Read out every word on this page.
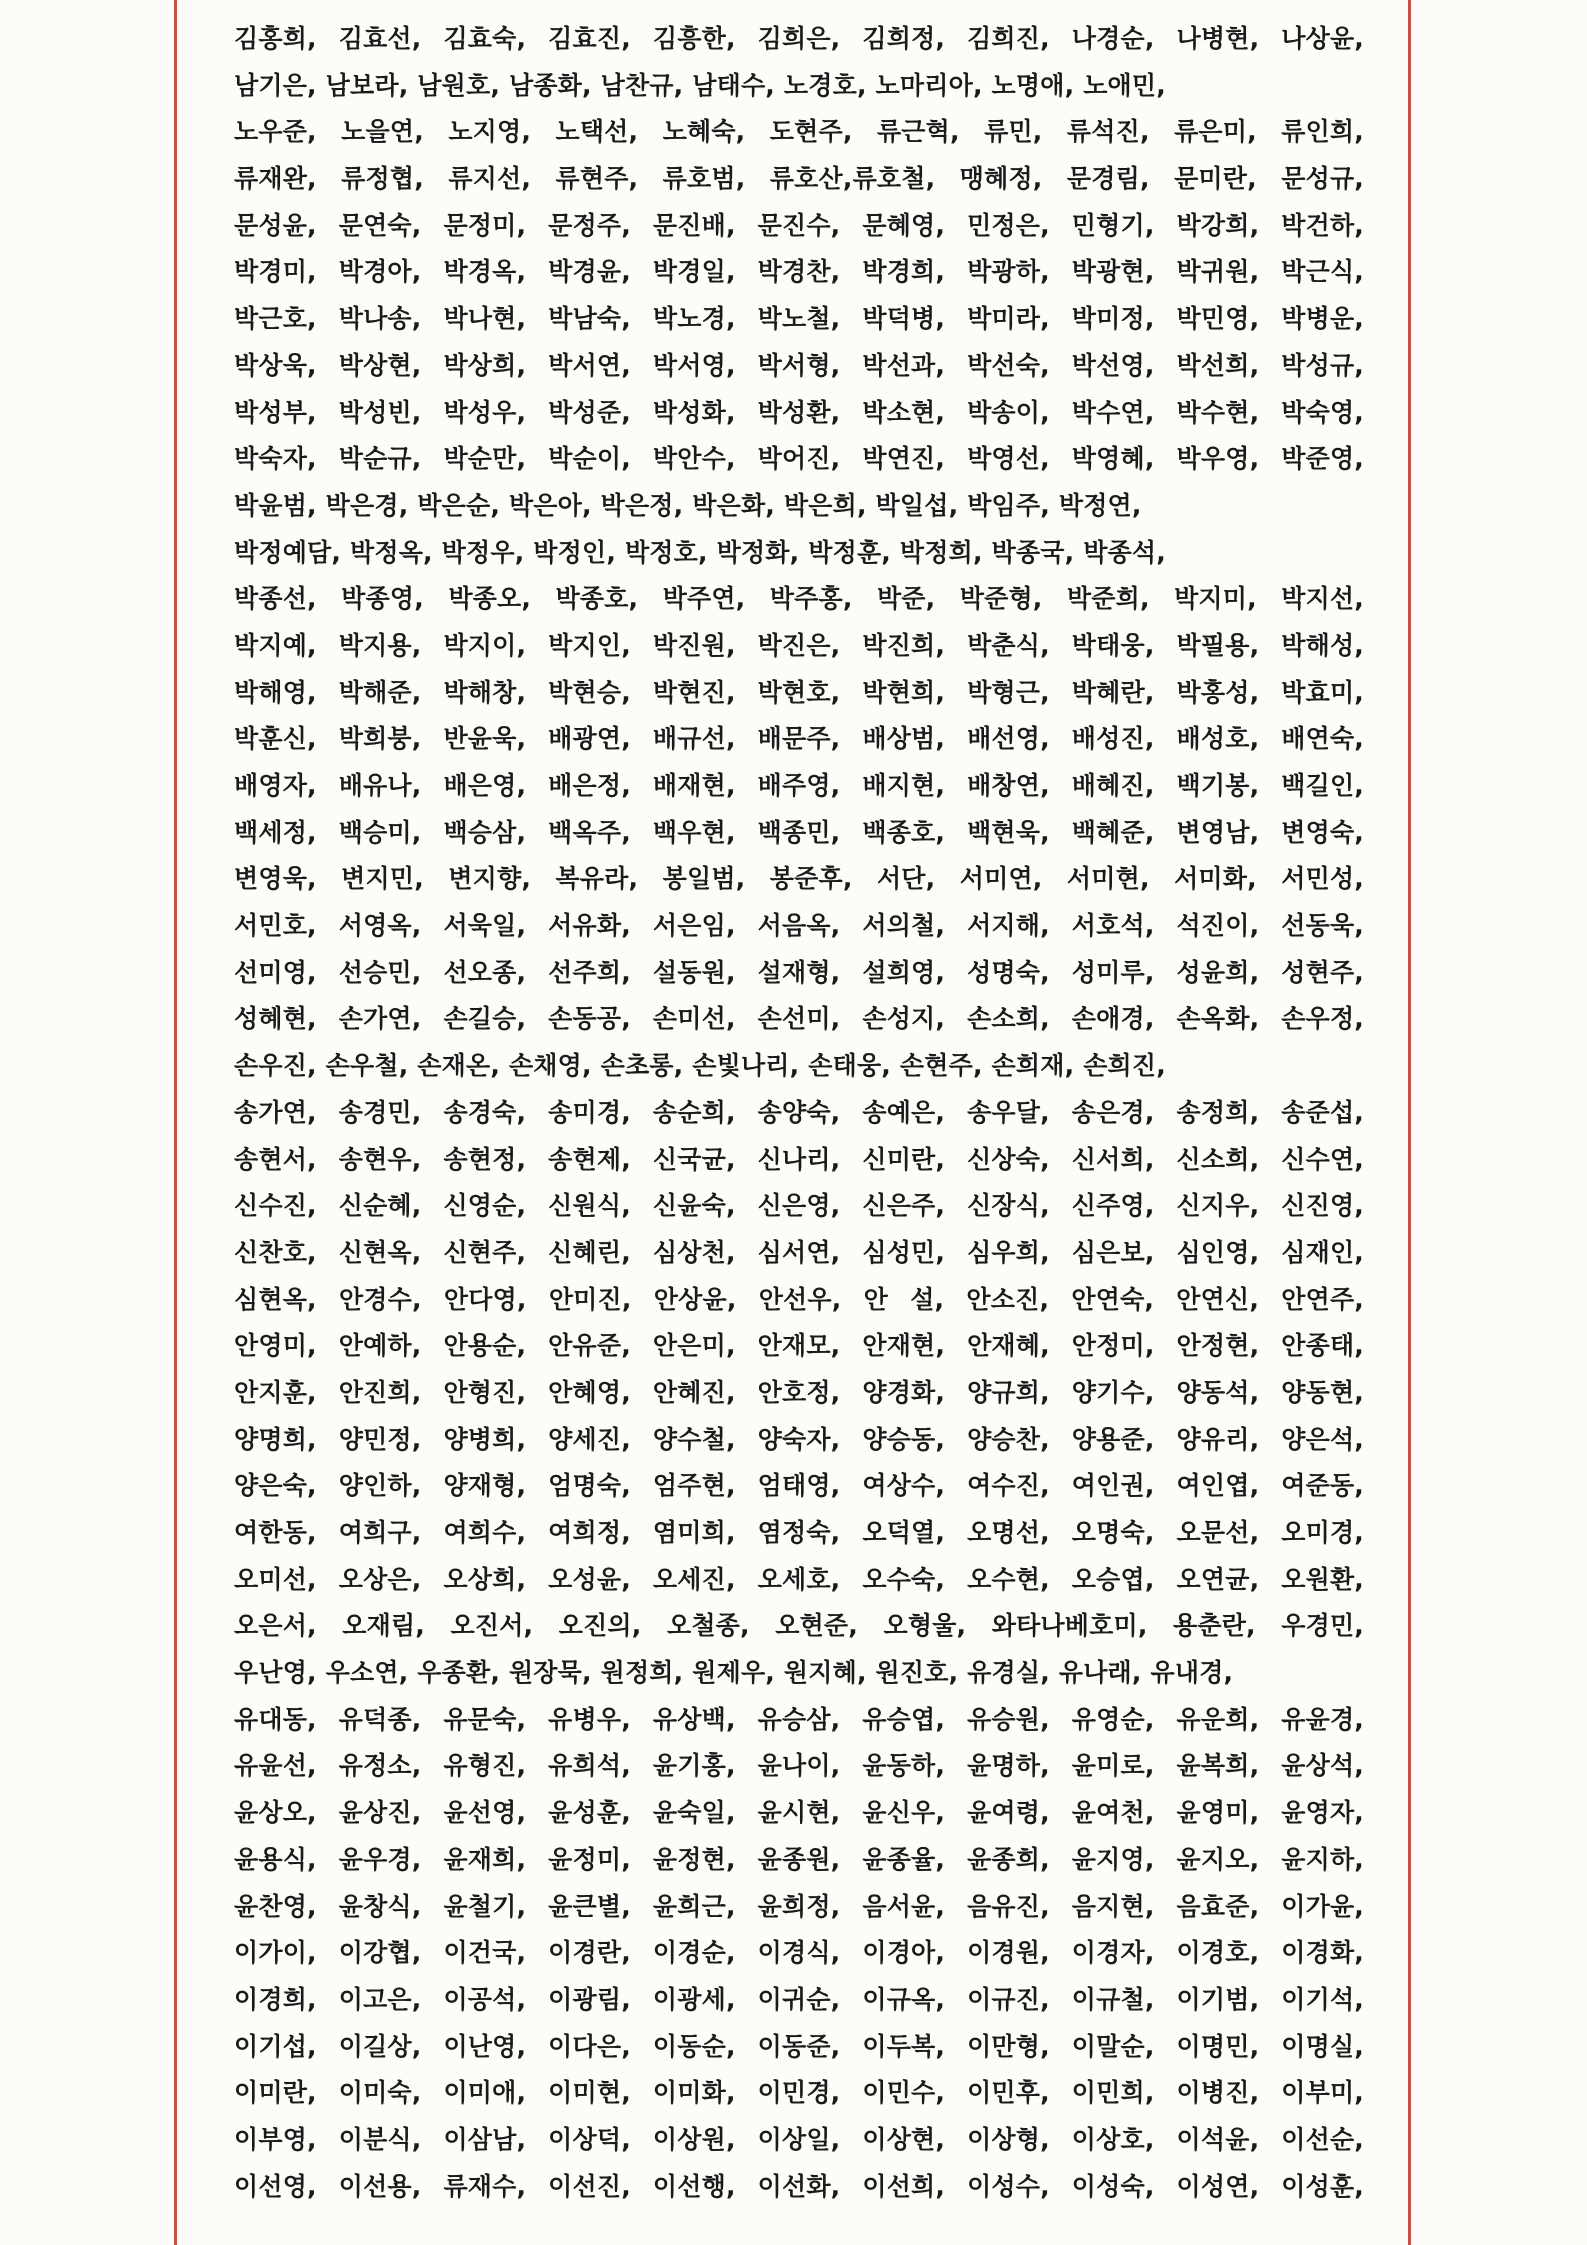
김홍희, 김효선, 김효숙, 김효진, 김흥한, 김희은, 김희정, 김희진, 나경순, 나병현, 나상윤,
남기은, 남보라, 남원호, 남종화, 남찬규, 남태수, 노경호, 노마리아, 노명애, 노애민,
노우준, 노을연, 노지영, 노택선, 노혜숙, 도현주, 류근혁, 류민, 류석진, 류은미, 류인희,
류재완, 류정협, 류지선, 류현주, 류호범, 류호산,류호철, 맹혜정, 문경림, 문미란, 문성규,
문성윤, 문연숙, 문정미, 문정주, 문진배, 문진수, 문혜영, 민정은, 민형기, 박강희, 박건하,
박경미, 박경아, 박경옥, 박경윤, 박경일, 박경찬, 박경희, 박광하, 박광현, 박귀원, 박근식,
박근호, 박나송, 박나현, 박남숙, 박노경, 박노철, 박덕병, 박미라, 박미정, 박민영, 박병운,
박상욱, 박상현, 박상희, 박서연, 박서영, 박서형, 박선과, 박선숙, 박선영, 박선희, 박성규,
박성부, 박성빈, 박성우, 박성준, 박성화, 박성환, 박소현, 박송이, 박수연, 박수현, 박숙영,
박숙자, 박순규, 박순만, 박순이, 박안수, 박어진, 박연진, 박영선, 박영혜, 박우영, 박준영,
박윤범, 박은경, 박은순, 박은아, 박은정, 박은화, 박은희, 박일섭, 박임주, 박정연,
박정예담, 박정옥, 박정우, 박정인, 박정호, 박정화, 박정훈, 박정희, 박종국, 박종석,
박종선, 박종영, 박종오, 박종호, 박주연, 박주홍, 박준, 박준형, 박준희, 박지미, 박지선,
박지예, 박지용, 박지이, 박지인, 박진원, 박진은, 박진희, 박춘식, 박태웅, 박필용, 박해성,
박해영, 박해준, 박해창, 박현승, 박현진, 박현호, 박현희, 박형근, 박혜란, 박홍성, 박효미,
박훈신, 박희붕, 반윤욱, 배광연, 배규선, 배문주, 배상범, 배선영, 배성진, 배성호, 배연숙,
배영자, 배유나, 배은영, 배은정, 배재현, 배주영, 배지현, 배창연, 배혜진, 백기봉, 백길인,
백세정, 백승미, 백승삼, 백옥주, 백우현, 백종민, 백종호, 백현욱, 백혜준, 변영남, 변영숙,
변영욱, 변지민, 변지향, 복유라, 봉일범, 봉준후, 서단, 서미연, 서미현, 서미화, 서민성,
서민호, 서영옥, 서욱일, 서유화, 서은임, 서음옥, 서의철, 서지해, 서호석, 석진이, 선동욱,
선미영, 선승민, 선오종, 선주희, 설동원, 설재형, 설희영, 성명숙, 성미루, 성윤희, 성현주,
성혜현, 손가연, 손길승, 손동공, 손미선, 손선미, 손성지, 손소희, 손애경, 손옥화, 손우정,
손우진, 손우철, 손재온, 손채영, 손초롱, 손빛나리, 손태웅, 손현주, 손희재, 손희진,
송가연, 송경민, 송경숙, 송미경, 송순희, 송양숙, 송예은, 송우달, 송은경, 송정희, 송준섭,
송현서, 송현우, 송현정, 송현제, 신국균, 신나리, 신미란, 신상숙, 신서희, 신소희, 신수연,
신수진, 신순혜, 신영순, 신원식, 신윤숙, 신은영, 신은주, 신장식, 신주영, 신지우, 신진영,
신찬호, 신현옥, 신현주, 신혜린, 심상천, 심서연, 심성민, 심우희, 심은보, 심인영, 심재인,
심현옥, 안경수, 안다영, 안미진, 안상윤, 안선우, 안 설, 안소진, 안연숙, 안연신, 안연주,
안영미, 안예하, 안용순, 안유준, 안은미, 안재모, 안재현, 안재혜, 안정미, 안정현, 안종태,
안지훈, 안진희, 안형진, 안혜영, 안혜진, 안호정, 양경화, 양규희, 양기수, 양동석, 양동현,
양명희, 양민정, 양병희, 양세진, 양수철, 양숙자, 양승동, 양승찬, 양용준, 양유리, 양은석,
양은숙, 양인하, 양재형, 엄명숙, 엄주현, 엄태영, 여상수, 여수진, 여인권, 여인엽, 여준동,
여한동, 여희구, 여희수, 여희정, 염미희, 염정숙, 오덕열, 오명선, 오명숙, 오문선, 오미경,
오미선, 오상은, 오상희, 오성윤, 오세진, 오세호, 오수숙, 오수현, 오승엽, 오연균, 오원환,
오은서, 오재림, 오진서, 오진의, 오철종, 오현준, 오형울, 와타나베호미, 용춘란, 우경민,
우난영, 우소연, 우종환, 원장묵, 원정희, 원제우, 원지혜, 원진호, 유경실, 유나래, 유내경,
유대동, 유덕종, 유문숙, 유병우, 유상백, 유승삼, 유승엽, 유승원, 유영순, 유운희, 유윤경,
유윤선, 유정소, 유형진, 유희석, 윤기홍, 윤나이, 윤동하, 윤명하, 윤미로, 윤복희, 윤상석,
윤상오, 윤상진, 윤선영, 윤성훈, 윤숙일, 윤시현, 윤신우, 윤여령, 윤여천, 윤영미, 윤영자,
윤용식, 윤우경, 윤재희, 윤정미, 윤정현, 윤종원, 윤종율, 윤종희, 윤지영, 윤지오, 윤지하,
윤찬영, 윤창식, 윤철기, 윤큰별, 윤희근, 윤희정, 음서윤, 음유진, 음지현, 음효준, 이가윤,
이가이, 이강협, 이건국, 이경란, 이경순, 이경식, 이경아, 이경원, 이경자, 이경호, 이경화,
이경희, 이고은, 이공석, 이광림, 이광세, 이귀순, 이규옥, 이규진, 이규철, 이기범, 이기석,
이기섭, 이길상, 이난영, 이다은, 이동순, 이동준, 이두복, 이만형, 이말순, 이명민, 이명실,
이미란, 이미숙, 이미애, 이미현, 이미화, 이민경, 이민수, 이민후, 이민희, 이병진, 이부미,
이부영, 이분식, 이삼남, 이상덕, 이상원, 이상일, 이상현, 이상형, 이상호, 이석윤, 이선순,
이선영, 이선용, 류재수, 이선진, 이선행, 이선화, 이선희, 이성수, 이성숙, 이성연, 이성훈,
